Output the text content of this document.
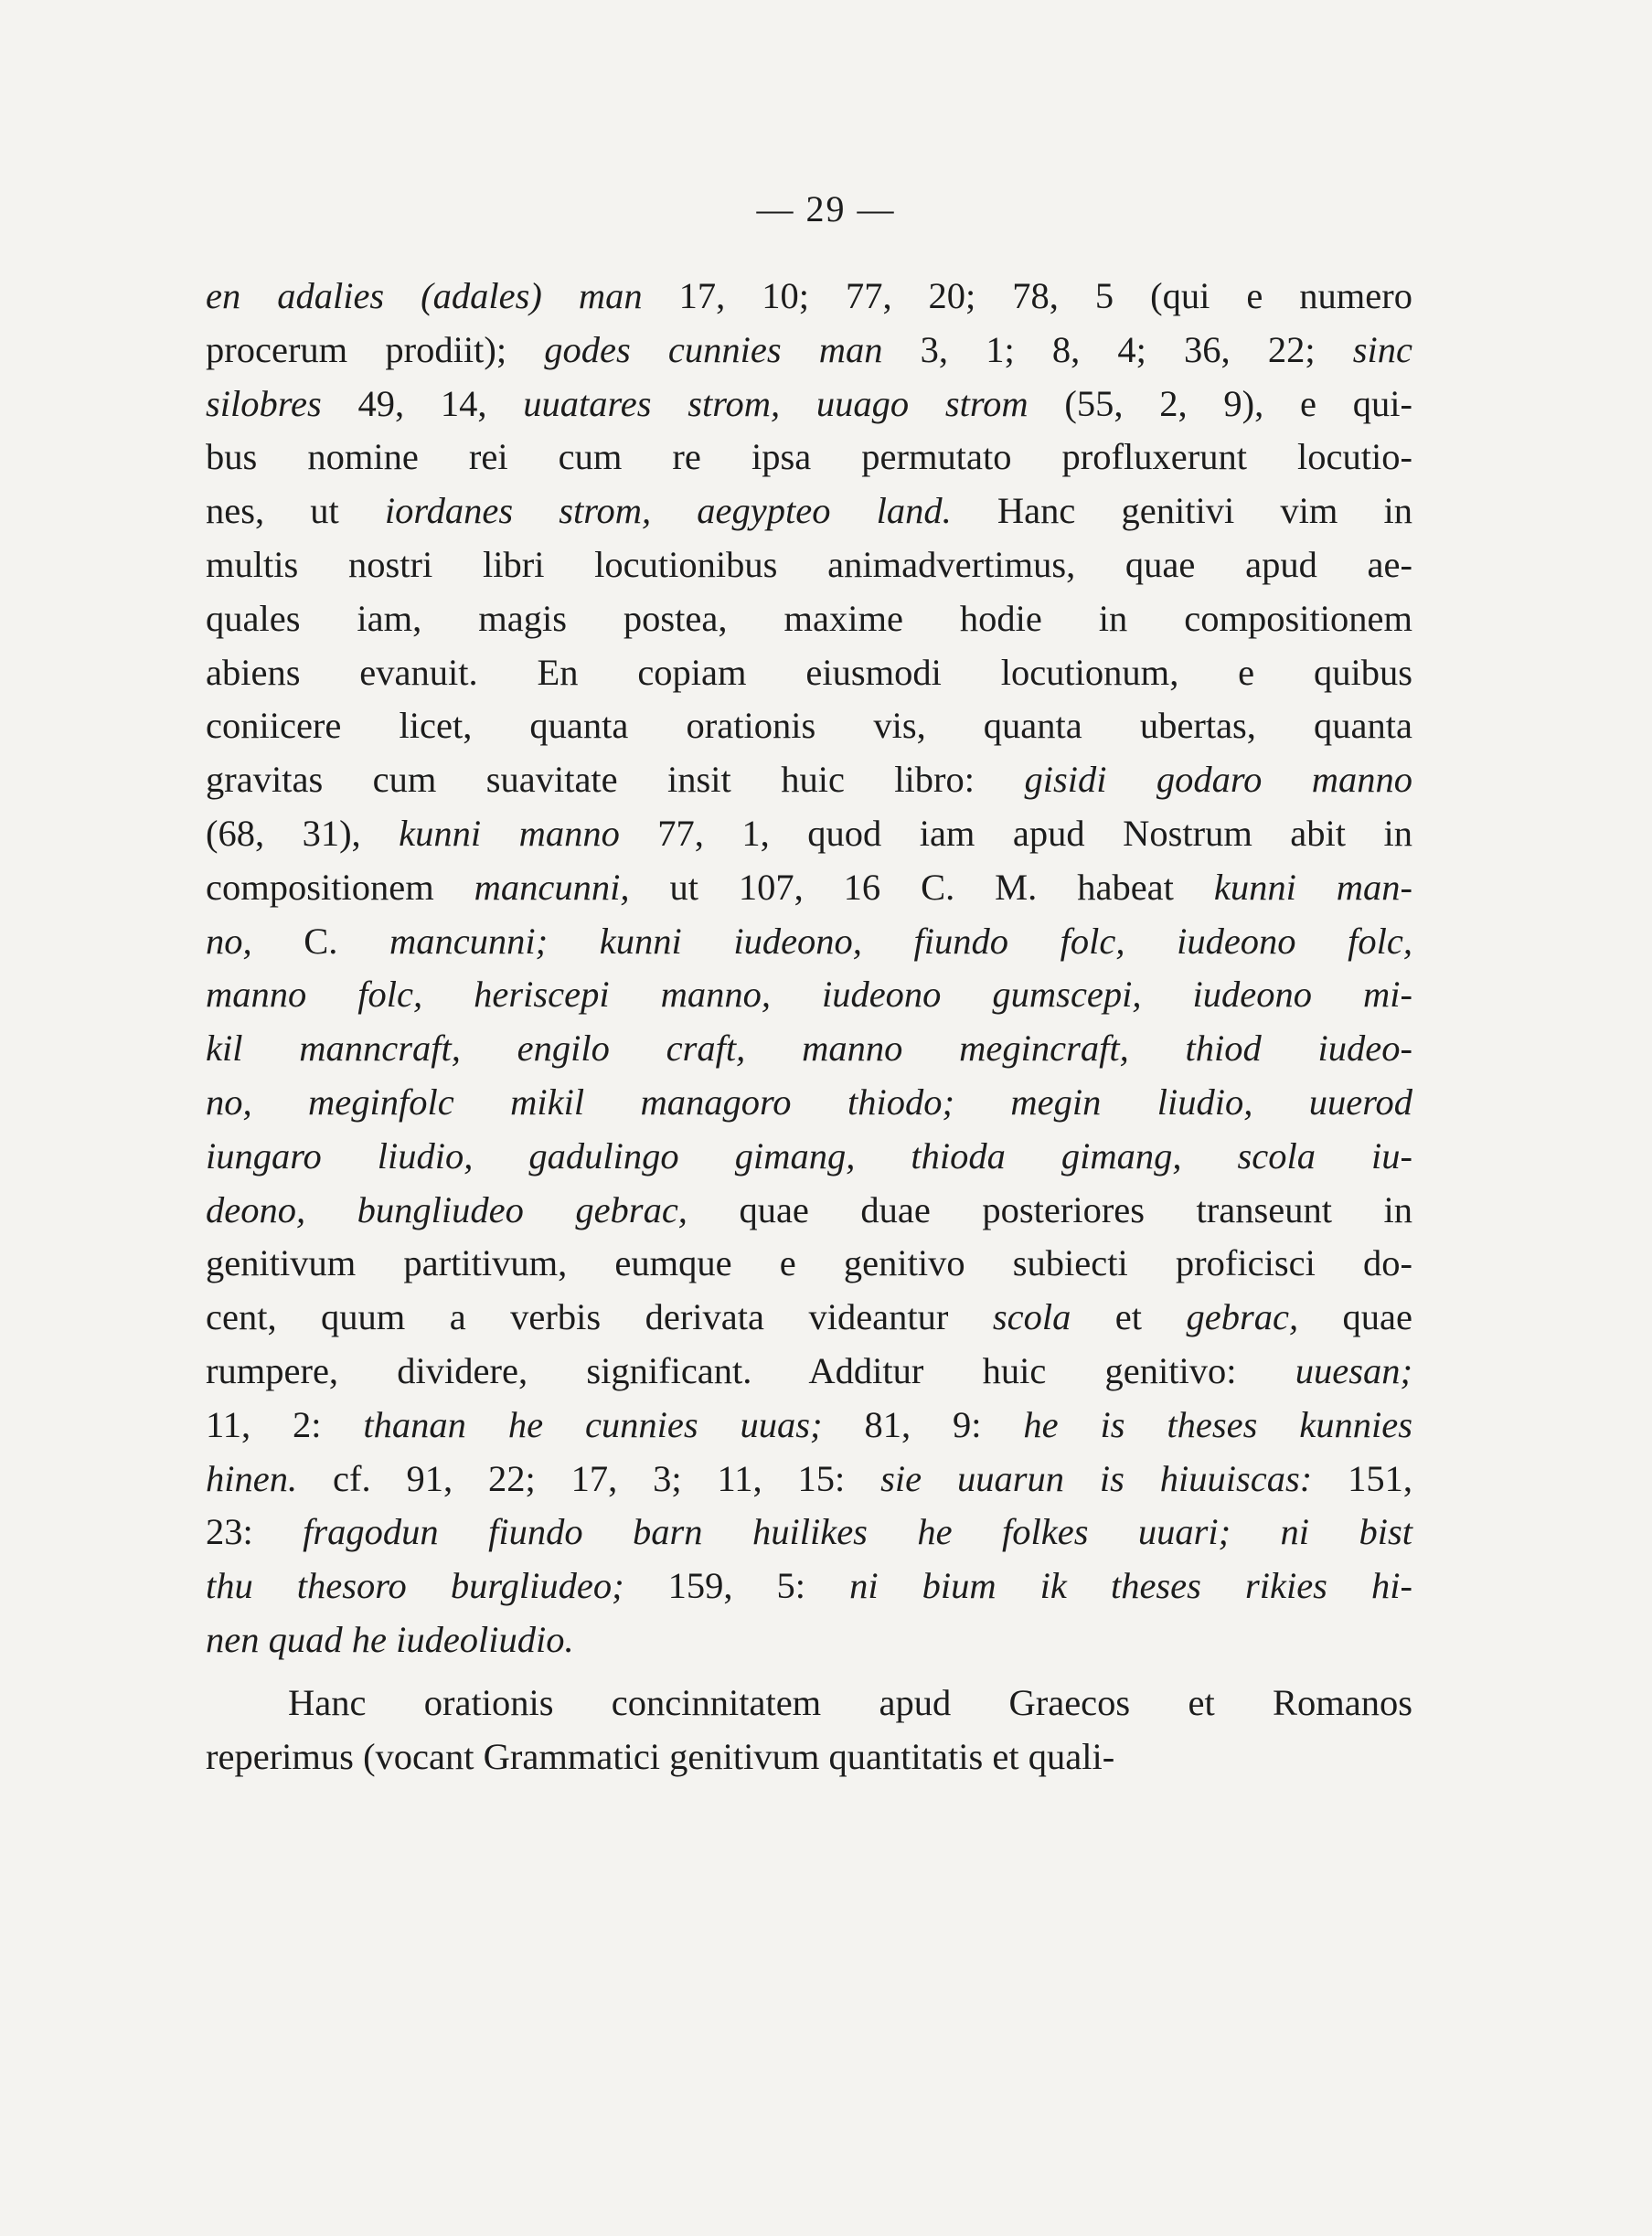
— 29 —
en adalies (adales) man 17, 10; 77, 20; 78, 5 (qui e numero
procerum prodiit); godes cunnies man 3, 1; 8, 4; 36, 22; sinc
silobres 49, 14, uuatares strom, uuago strom (55, 2, 9), e qui-
bus nomine rei cum re ipsa permutato profluxerunt locutio-
nes, ut iordanes strom, aegypteo land. Hanc genitivi vim in
multis nostri libri locutionibus animadvertimus, quae apud ae-
quales iam, magis postea, maxime hodie in compositionem
abiens evanuit. En copiam eiusmodi locutionum, e quibus
coniicere licet, quanta orationis vis, quanta ubertas, quanta
gravitas cum suavitate insit huic libro: gisidi godaro manno
(68, 31), kunni manno 77, 1, quod iam apud Nostrum abit in
compositionem mancunni, ut 107, 16 C. M. habeat kunni man-
no, C. mancunni; kunni iudeono, fiundo folc, iudeono folc,
manno folc, heriscepi manno, iudeono gumscepi, iudeono mi-
kil manncraft, engilo craft, manno megincraft, thiod iudeo-
no, meginfolc mikil managoro thiodo; megin liudio, uuerod
iungaro liudio, gadulingo gimang, thioda gimang, scola iu-
deono, bungliudeo gebrac, quae duae posteriores transeunt in
genitivum partitivum, eumque e genitivo subiecti proficisci do-
cent, quum a verbis derivata videantur scola et gebrac, quae
rumpere, dividere, significant. Additur huic genitivo: uuesan;
11, 2: thanan he cunnies uuas; 81, 9: he is theses kunnies
hinen. cf. 91, 22; 17, 3; 11, 15: sie uuarun is hiuuiscas: 151,
23: fragodun fiundo barn huilikes he folkes uuari; ni bist
thu thesoro burgliudeo; 159, 5: ni bium ik theses rikies hi-
nen quad he iudeoliudio.
Hanc orationis concinnitatem apud Graecos et Romanos
reperimus (vocant Grammatici genitivum quantitatis et quali-
